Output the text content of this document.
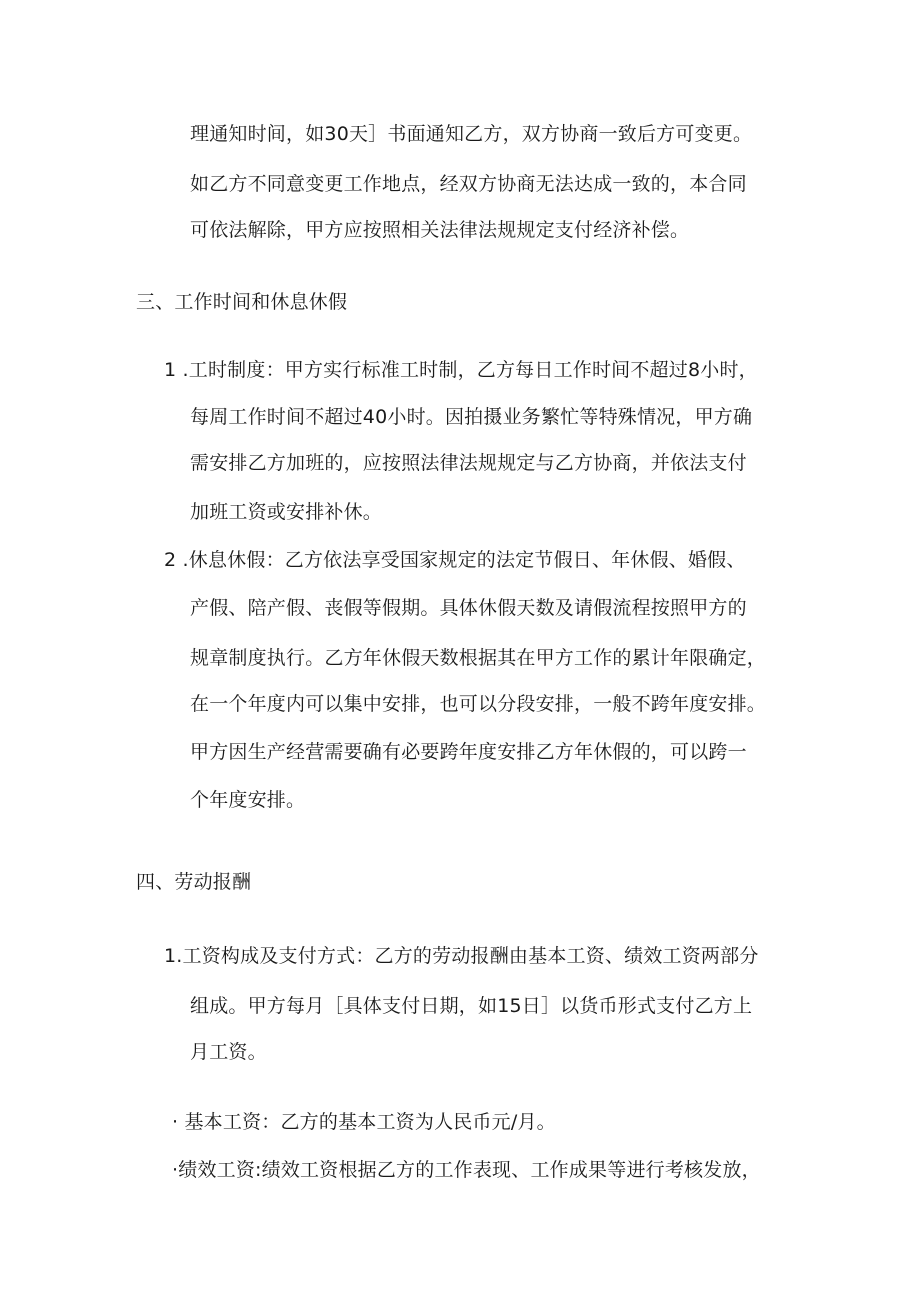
理通知时间，如30天］书面通知乙方，双方协商一致后方可变更。
如乙方不同意变更工作地点，经双方协商无法达成一致的，本合同
可依法解除，甲方应按照相关法律法规规定支付经济补偿。
三、工作时间和休息休假
1 .工时制度：甲方实行标准工时制，乙方每日工作时间不超过8小时，
每周工作时间不超过40小时。因拍摄业务繁忙等特殊情况，甲方确
需安排乙方加班的，应按照法律法规规定与乙方协商，并依法支付
加班工资或安排补休。
2 .休息休假：乙方依法享受国家规定的法定节假日、年休假、婚假、
产假、陪产假、丧假等假期。具体休假天数及请假流程按照甲方的
规章制度执行。乙方年休假天数根据其在甲方工作的累计年限确定，
在一个年度内可以集中安排，也可以分段安排，一般不跨年度安排。
甲方因生产经营需要确有必要跨年度安排乙方年休假的，可以跨一
个年度安排。
四、劳动报酬
1.工资构成及支付方式：乙方的劳动报酬由基本工资、绩效工资两部分
组成。甲方每月［具体支付日期，如15日］以货币形式支付乙方上
月工资。
· 基本工资：乙方的基本工资为人民币元/月。
·绩效工资:绩效工资根据乙方的工作表现、工作成果等进行考核发放，
